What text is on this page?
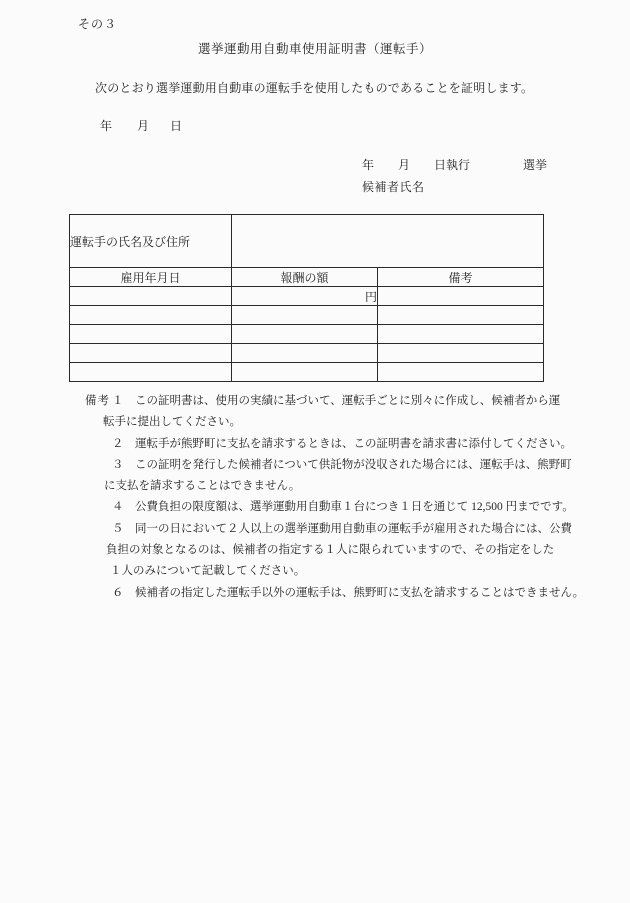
その３
選挙運動用自動車使用証明書（運転手）
次のとおり選挙運動用自動車の運転手を使用したものであることを証明します。
年 月 日
年 月 日執行	選挙
候補者氏名
運転手の氏名及び住所		
雇用年月日	報酬の額	備考
	円	

備考 １	この証明書は、使用の実績に基づいて、運転手ごとに別々に作成し、候補者から運
転手に提出してください。
２	運転手が熊野町に支払を請求するときは、この証明書を請求書に添付してください。
３	この証明を発行した候補者について供託物が没収された場合には、運転手は、熊野町
に支払を請求することはできません。
４	公費負担の限度額は、選挙運動用自動車１台につき１日を通じて 12,500 円までです。
５	同一の日において２人以上の選挙運動用自動車の運転手が雇用された場合には、公費
負担の対象となるのは、候補者の指定する１人に限られていますので、その指定をした
１人のみについて記載してください。
６	候補者の指定した運転手以外の運転手は、熊野町に支払を請求することはできません。
